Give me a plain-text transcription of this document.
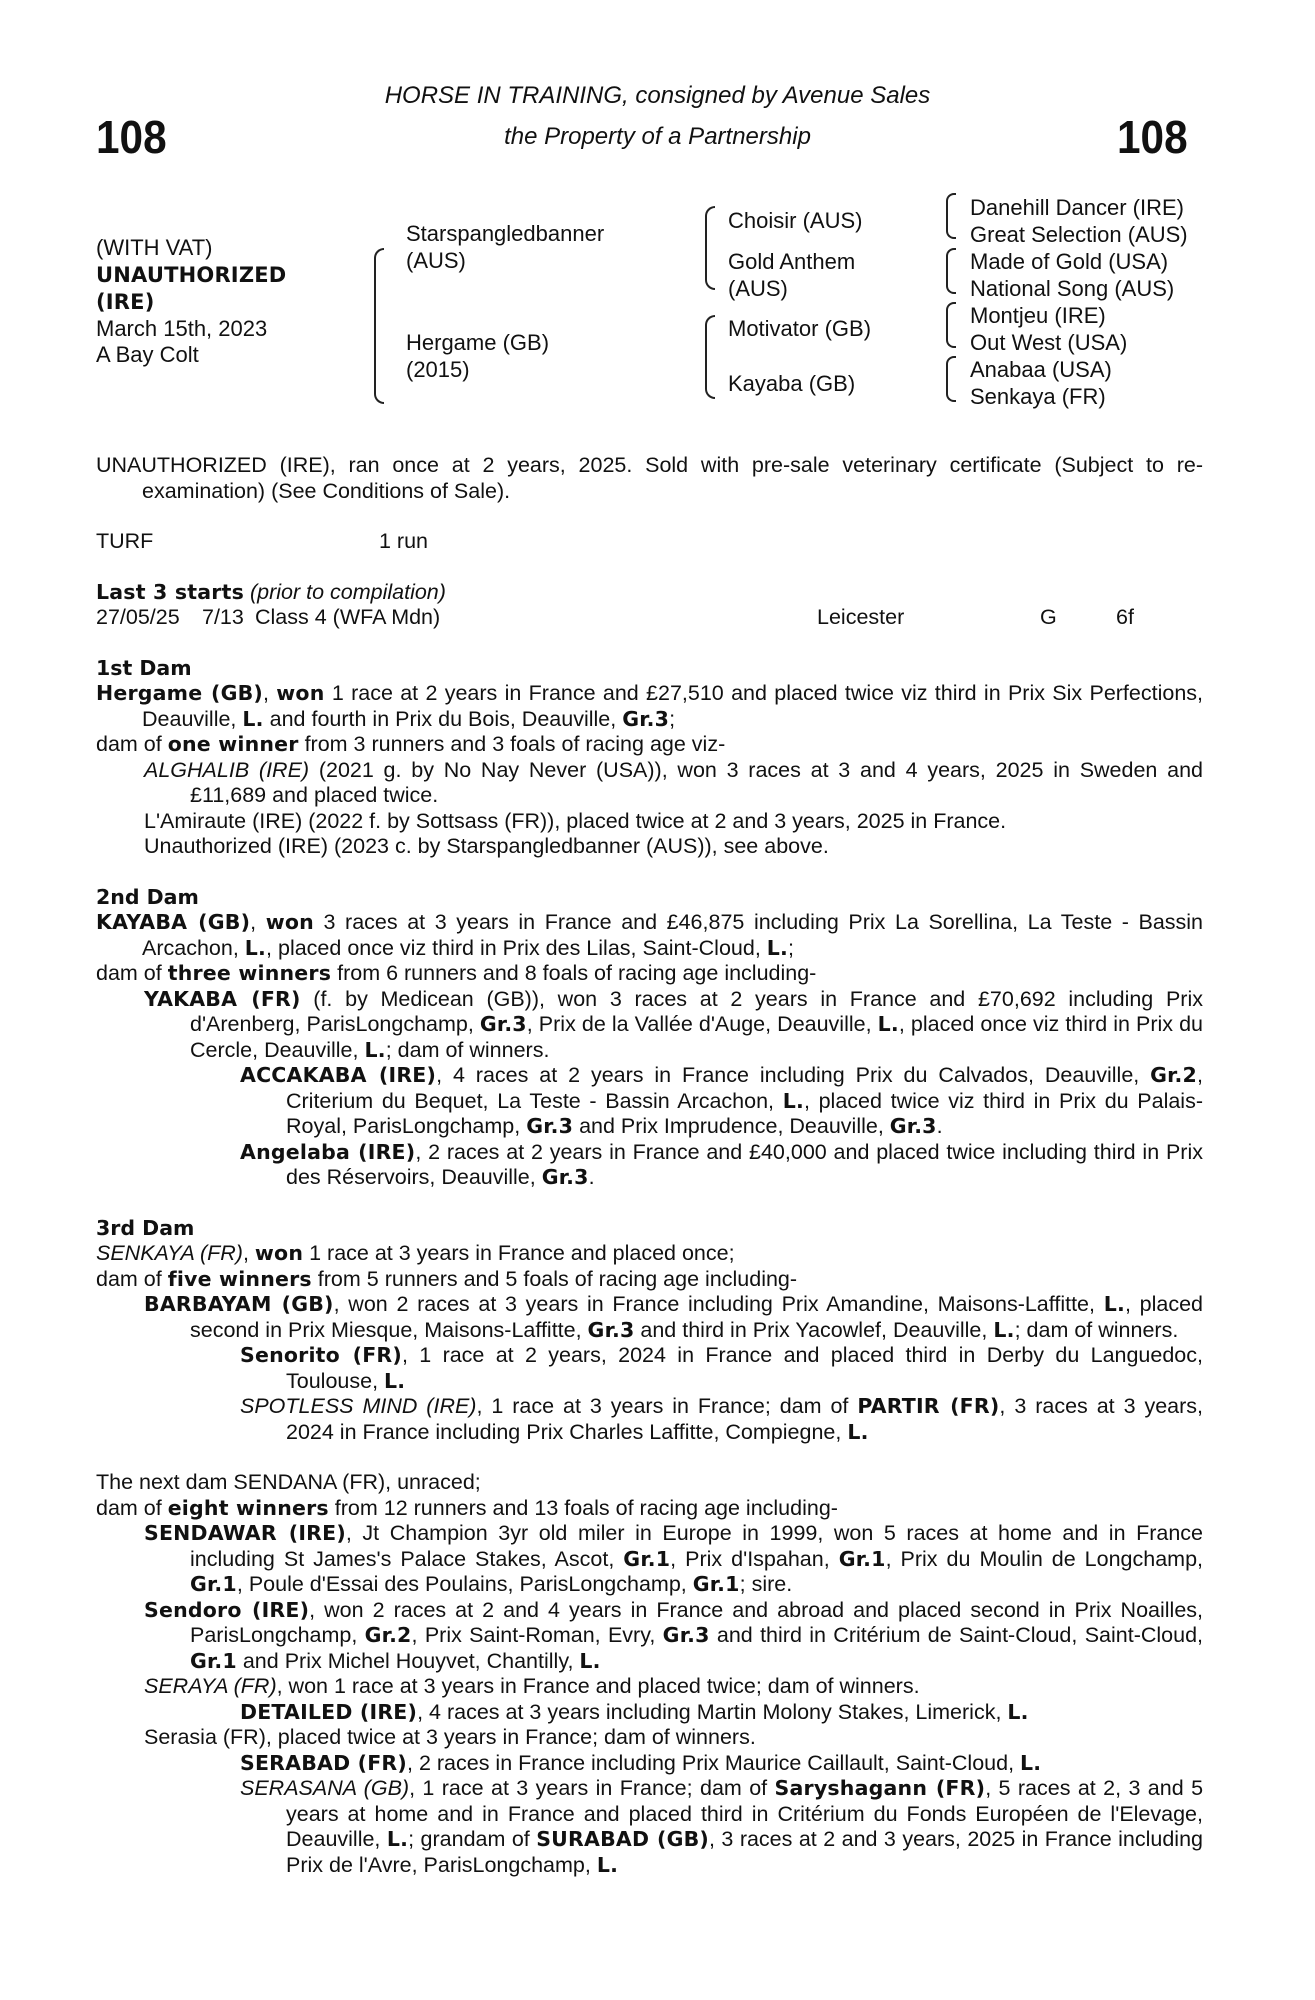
108	108
HORSE IN TRAINING, consigned by Avenue Sales
the Property of a Partnership
(WITH VAT)
UNAUTHORIZED
(IRE)
March 15th, 2023
A Bay Colt
Starspangledbanner
(AUS)
Hergame (GB)
(2015)
Choisir (AUS)
Gold Anthem
(AUS)
Motivator (GB)
Kayaba (GB)
Danehill Dancer (IRE)
Great Selection (AUS)
Made of Gold (USA)
National Song (AUS)
Montjeu (IRE)
Out West (USA)
Anabaa (USA)
Senkaya (FR)

UNAUTHORIZED (IRE), ran once at 2 years, 2025. Sold with pre-sale veterinary certificate (Subject to re-examination) (See Conditions of Sale).

TURF	1 run

Last 3 starts (prior to compilation)

27/05/25 7/13 Class 4 (WFA Mdn)	Leicester	G	6f

1st Dam

Hergame (GB), won 1 race at 2 years in France and £27,510 and placed twice viz third in Prix Six Perfections, Deauville, L. and fourth in Prix du Bois, Deauville, Gr.3;

dam of one winner from 3 runners and 3 foals of racing age viz-

ALGHALIB (IRE) (2021 g. by No Nay Never (USA)), won 3 races at 3 and 4 years, 2025 in Sweden and £11,689 and placed twice.

L'Amiraute (IRE) (2022 f. by Sottsass (FR)), placed twice at 2 and 3 years, 2025 in France.

Unauthorized (IRE) (2023 c. by Starspangledbanner (AUS)), see above.

2nd Dam

KAYABA (GB), won 3 races at 3 years in France and £46,875 including Prix La Sorellina, La Teste - Bassin Arcachon, L., placed once viz third in Prix des Lilas, Saint-Cloud, L.;

dam of three winners from 6 runners and 8 foals of racing age including-

YAKABA (FR) (f. by Medicean (GB)), won 3 races at 2 years in France and £70,692 including Prix d'Arenberg, ParisLongchamp, Gr.3, Prix de la Vallée d'Auge, Deauville, L., placed once viz third in Prix du Cercle, Deauville, L.; dam of winners.

ACCAKABA (IRE), 4 races at 2 years in France including Prix du Calvados, Deauville, Gr.2, Criterium du Bequet, La Teste - Bassin Arcachon, L., placed twice viz third in Prix du Palais-Royal, ParisLongchamp, Gr.3 and Prix Imprudence, Deauville, Gr.3.

Angelaba (IRE), 2 races at 2 years in France and £40,000 and placed twice including third in Prix des Réservoirs, Deauville, Gr.3.

3rd Dam

SENKAYA (FR), won 1 race at 3 years in France and placed once;

dam of five winners from 5 runners and 5 foals of racing age including-

BARBAYAM (GB), won 2 races at 3 years in France including Prix Amandine, Maisons-Laffitte, L., placed second in Prix Miesque, Maisons-Laffitte, Gr.3 and third in Prix Yacowlef, Deauville, L.; dam of winners.

Senorito (FR), 1 race at 2 years, 2024 in France and placed third in Derby du Languedoc, Toulouse, L.

SPOTLESS MIND (IRE), 1 race at 3 years in France; dam of PARTIR (FR), 3 races at 3 years, 2024 in France including Prix Charles Laffitte, Compiegne, L.

The next dam SENDANA (FR), unraced;

dam of eight winners from 12 runners and 13 foals of racing age including-

SENDAWAR (IRE), Jt Champion 3yr old miler in Europe in 1999, won 5 races at home and in France including St James's Palace Stakes, Ascot, Gr.1, Prix d'Ispahan, Gr.1, Prix du Moulin de Longchamp, Gr.1, Poule d'Essai des Poulains, ParisLongchamp, Gr.1; sire.

Sendoro (IRE), won 2 races at 2 and 4 years in France and abroad and placed second in Prix Noailles, ParisLongchamp, Gr.2, Prix Saint-Roman, Evry, Gr.3 and third in Critérium de Saint-Cloud, Saint-Cloud, Gr.1 and Prix Michel Houyvet, Chantilly, L.

SERAYA (FR), won 1 race at 3 years in France and placed twice; dam of winners.

DETAILED (IRE), 4 races at 3 years including Martin Molony Stakes, Limerick, L.

Serasia (FR), placed twice at 3 years in France; dam of winners.

SERABAD (FR), 2 races in France including Prix Maurice Caillault, Saint-Cloud, L.

SERASANA (GB), 1 race at 3 years in France; dam of Saryshagann (FR), 5 races at 2, 3 and 5 years at home and in France and placed third in Critérium du Fonds Européen de l'Elevage, Deauville, L.; grandam of SURABAD (GB), 3 races at 2 and 3 years, 2025 in France including Prix de l'Avre, ParisLongchamp, L.
